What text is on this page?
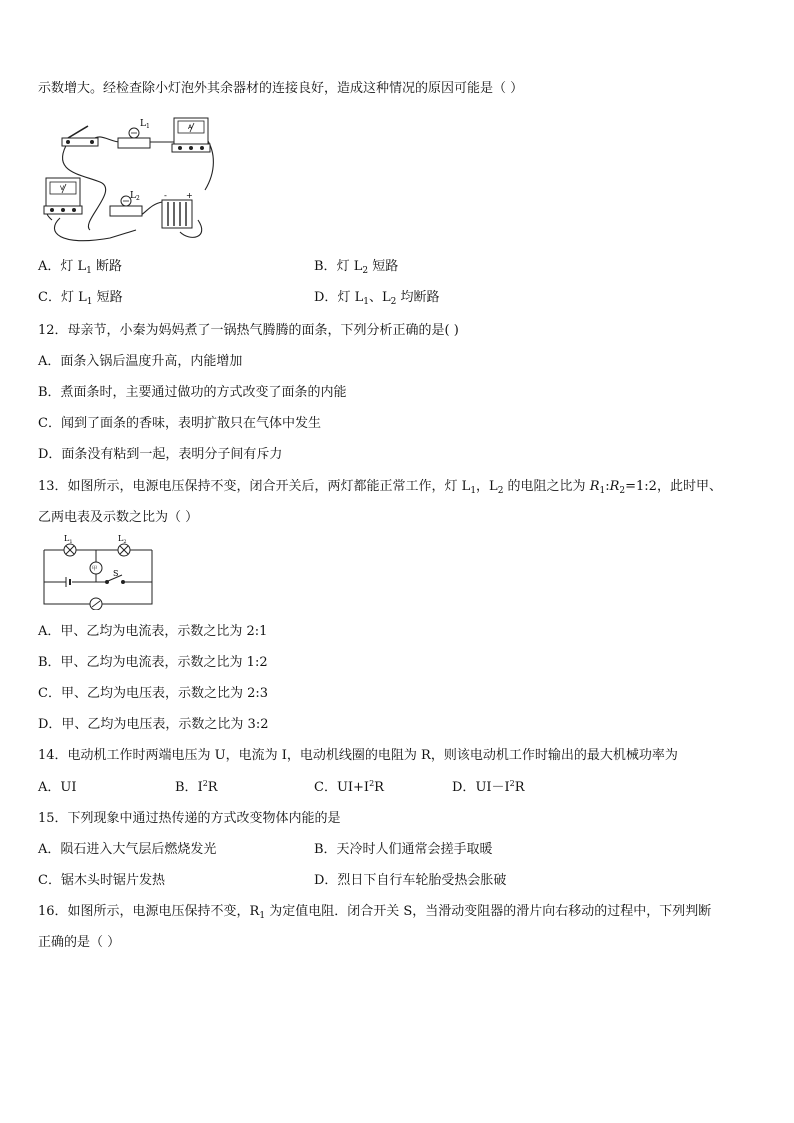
示数增大。经检查除小灯泡外其余器材的连接良好，造成这种情况的原因可能是（ ）
$L_1$	A
V
$L_2$	+
-
A．灯 $L_1$ 断路	B．灯 $L_2$ 短路
C．灯 $L_1$ 短路	D．灯 $L_1$、$L_2$ 均断路
12．母亲节，小秦为妈妈煮了一锅热气腾腾的面条，下列分析正确的是( )
A．面条入锅后温度升高，内能增加
B．煮面条时，主要通过做功的方式改变了面条的内能
C．闻到了面条的香味，表明扩散只在气体中发生
D．面条没有粘到一起，表明分子间有斥力
13．如图所示，电源电压保持不变，闭合开关后，两灯都能正常工作，灯 $L_1$，$L_2$ 的电阻之比为 $R_1:R_2=1:2$，此时甲、
乙两电表及示数之比为（ ）
$L_1$	$L_2$
甲 S
A．甲、乙均为电流表，示数之比为 2:1
B．甲、乙均为电流表，示数之比为 1:2
C．甲、乙均为电压表，示数之比为 2:3
D．甲、乙均为电压表，示数之比为 3:2
14．电动机工作时两端电压为 U，电流为 I，电动机线圈的电阻为 R，则该电动机工作时输出的最大机械功率为
A．UI	B．$I^2R$	C．$UI+I^2R$	D．$UI-I^2R$
15．下列现象中通过热传递的方式改变物体内能的是
A．陨石进入大气层后燃烧发光	B．天冷时人们通常会搓手取暖
C．锯木头时锯片发热	D．烈日下自行车轮胎受热会胀破
16．如图所示，电源电压保持不变，$R_1$ 为定值电阻．闭合开关 S，当滑动变阻器的滑片向右移动的过程中，下列判断
正确的是（ ）
